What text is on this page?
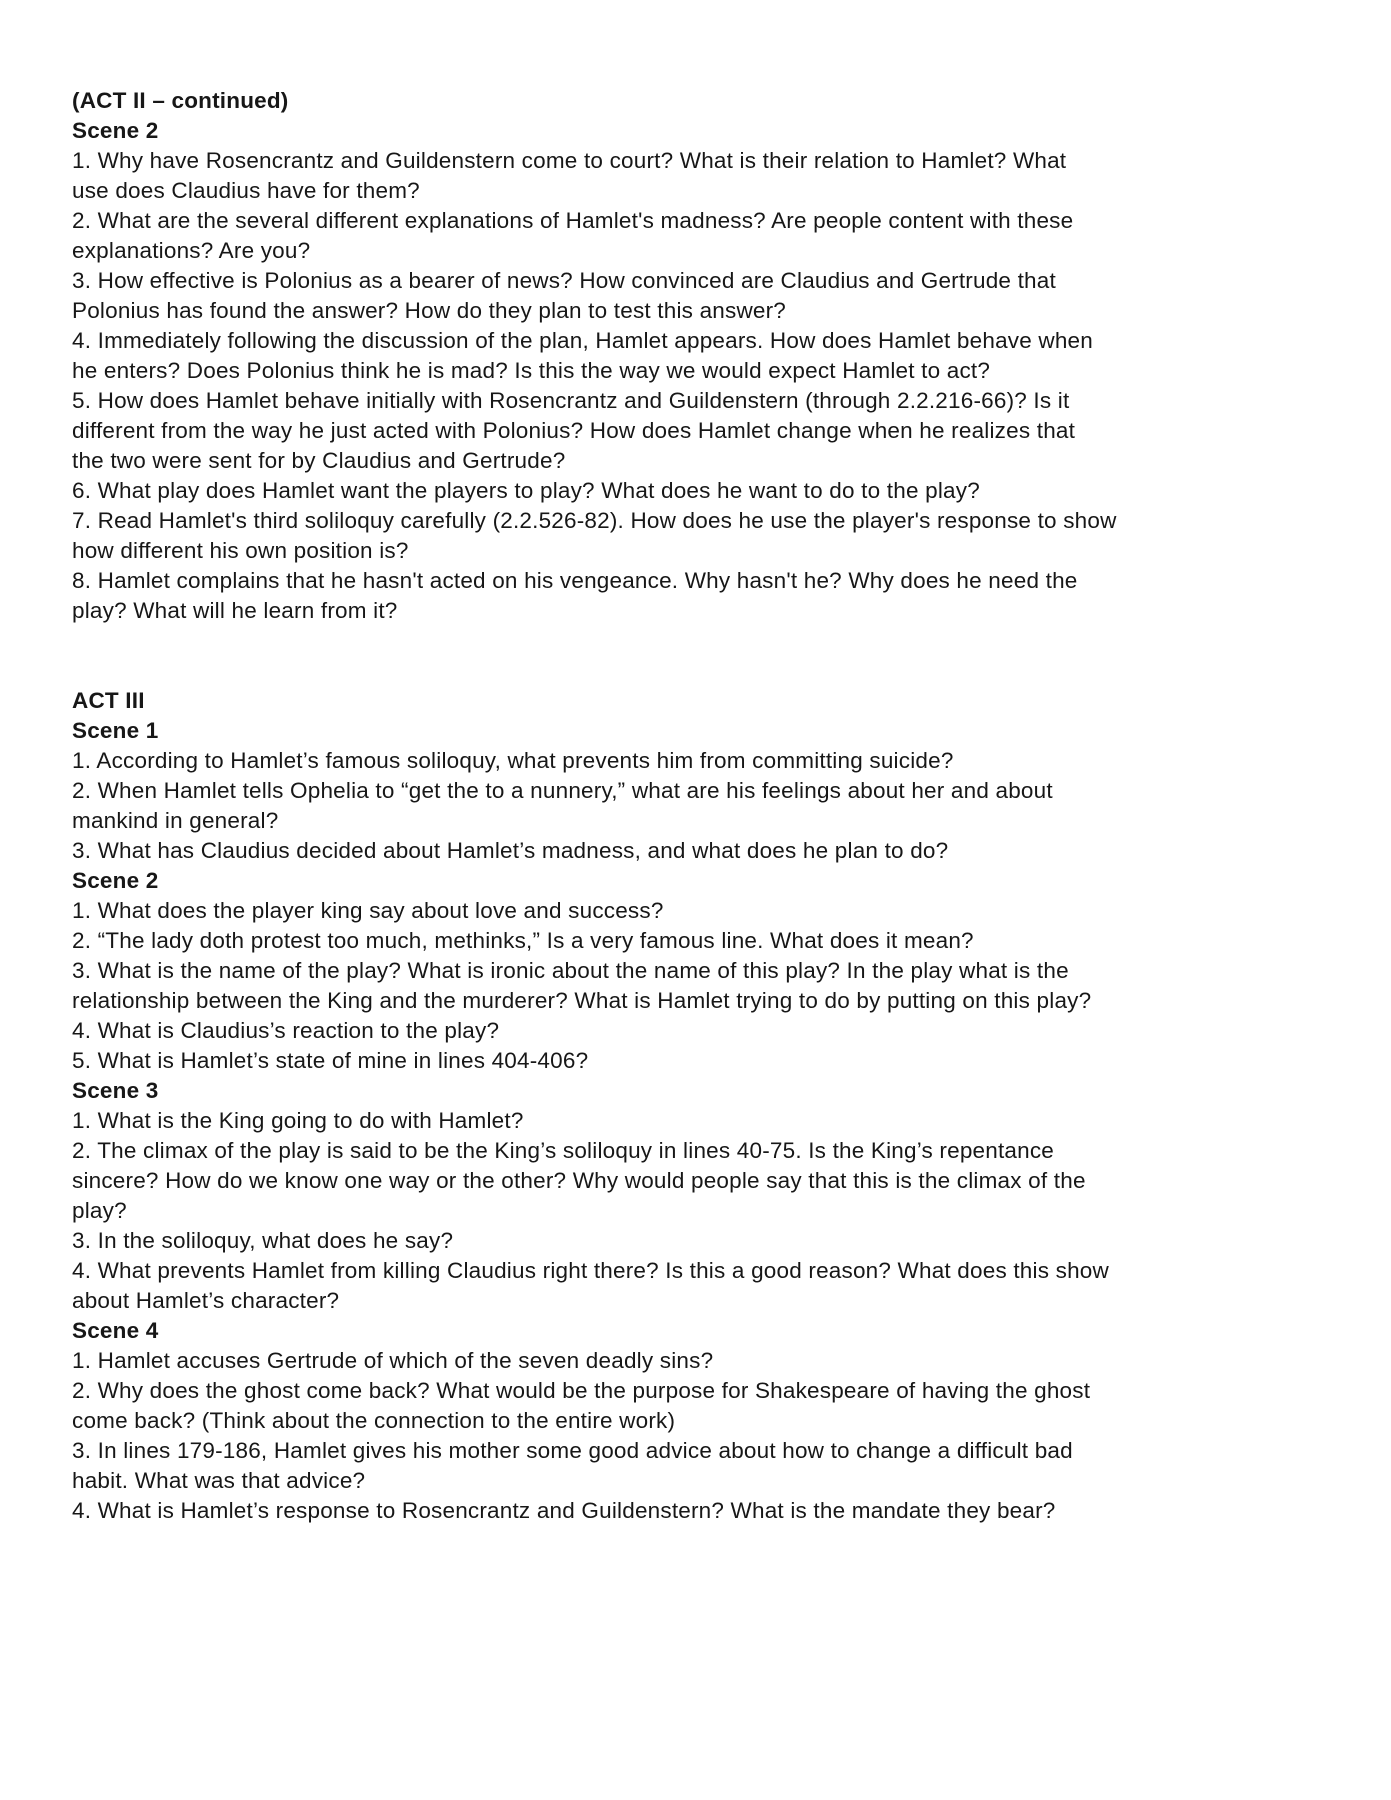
(ACT II – continued)
Scene 2
1. Why have Rosencrantz and Guildenstern come to court? What is their relation to Hamlet? What
use does Claudius have for them?
2. What are the several different explanations of Hamlet's madness? Are people content with these
explanations? Are you?
3. How effective is Polonius as a bearer of news? How convinced are Claudius and Gertrude that
Polonius has found the answer? How do they plan to test this answer?
4. Immediately following the discussion of the plan, Hamlet appears. How does Hamlet behave when
he enters? Does Polonius think he is mad? Is this the way we would expect Hamlet to act?
5. How does Hamlet behave initially with Rosencrantz and Guildenstern (through 2.2.216-66)? Is it
different from the way he just acted with Polonius? How does Hamlet change when he realizes that
the two were sent for by Claudius and Gertrude?
6. What play does Hamlet want the players to play? What does he want to do to the play?
7. Read Hamlet's third soliloquy carefully (2.2.526-82). How does he use the player's response to show
how different his own position is?
8. Hamlet complains that he hasn't acted on his vengeance. Why hasn't he? Why does he need the
play? What will he learn from it?
ACT III
Scene 1
1. According to Hamlet’s famous soliloquy, what prevents him from committing suicide?
2. When Hamlet tells Ophelia to “get the to a nunnery,” what are his feelings about her and about
mankind in general?
3. What has Claudius decided about Hamlet’s madness, and what does he plan to do?
Scene 2
1. What does the player king say about love and success?
2. “The lady doth protest too much, methinks,” Is a very famous line. What does it mean?
3. What is the name of the play? What is ironic about the name of this play? In the play what is the
relationship between the King and the murderer? What is Hamlet trying to do by putting on this play?
4. What is Claudius’s reaction to the play?
5. What is Hamlet’s state of mine in lines 404-406?
Scene 3
1. What is the King going to do with Hamlet?
2. The climax of the play is said to be the King’s soliloquy in lines 40-75. Is the King’s repentance
sincere? How do we know one way or the other? Why would people say that this is the climax of the
play?
3. In the soliloquy, what does he say?
4. What prevents Hamlet from killing Claudius right there? Is this a good reason? What does this show
about Hamlet’s character?
Scene 4
1. Hamlet accuses Gertrude of which of the seven deadly sins?
2. Why does the ghost come back? What would be the purpose for Shakespeare of having the ghost
come back? (Think about the connection to the entire work)
3. In lines 179-186, Hamlet gives his mother some good advice about how to change a difficult bad
habit. What was that advice?
4. What is Hamlet’s response to Rosencrantz and Guildenstern? What is the mandate they bear?
